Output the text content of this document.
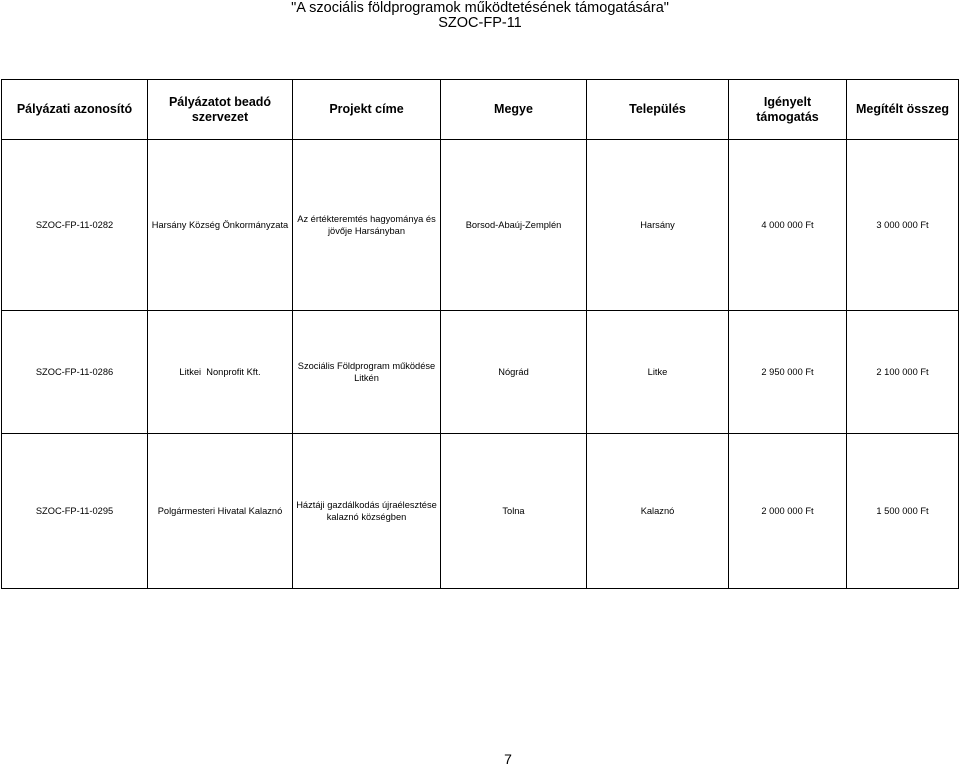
"A szociális földprogramok működtetésének támogatására"
SZOC-FP-11
Pályázati azonosító	Pályázatot beadó szervezet	Projekt címe	Megye	Település	Igényelt támogatás	Megítélt összeg
SZOC-FP-11-0282	Harsány Község Önkormányzata	Az értékteremtés hagyománya és jövője Harsányban	Borsod-Abaúj-Zemplén	Harsány	4 000 000 Ft	3 000 000 Ft
SZOC-FP-11-0286	Litkei  Nonprofit Kft.	Szociális Földprogram működése Litkén	Nógrád	Litke	2 950 000 Ft	2 100 000 Ft
SZOC-FP-11-0295	Polgármesteri Hivatal Kalaznó	Háztáji gazdálkodás újraélesztése kalaznó községben	Tolna	Kalaznó	2 000 000 Ft	1 500 000 Ft
7
